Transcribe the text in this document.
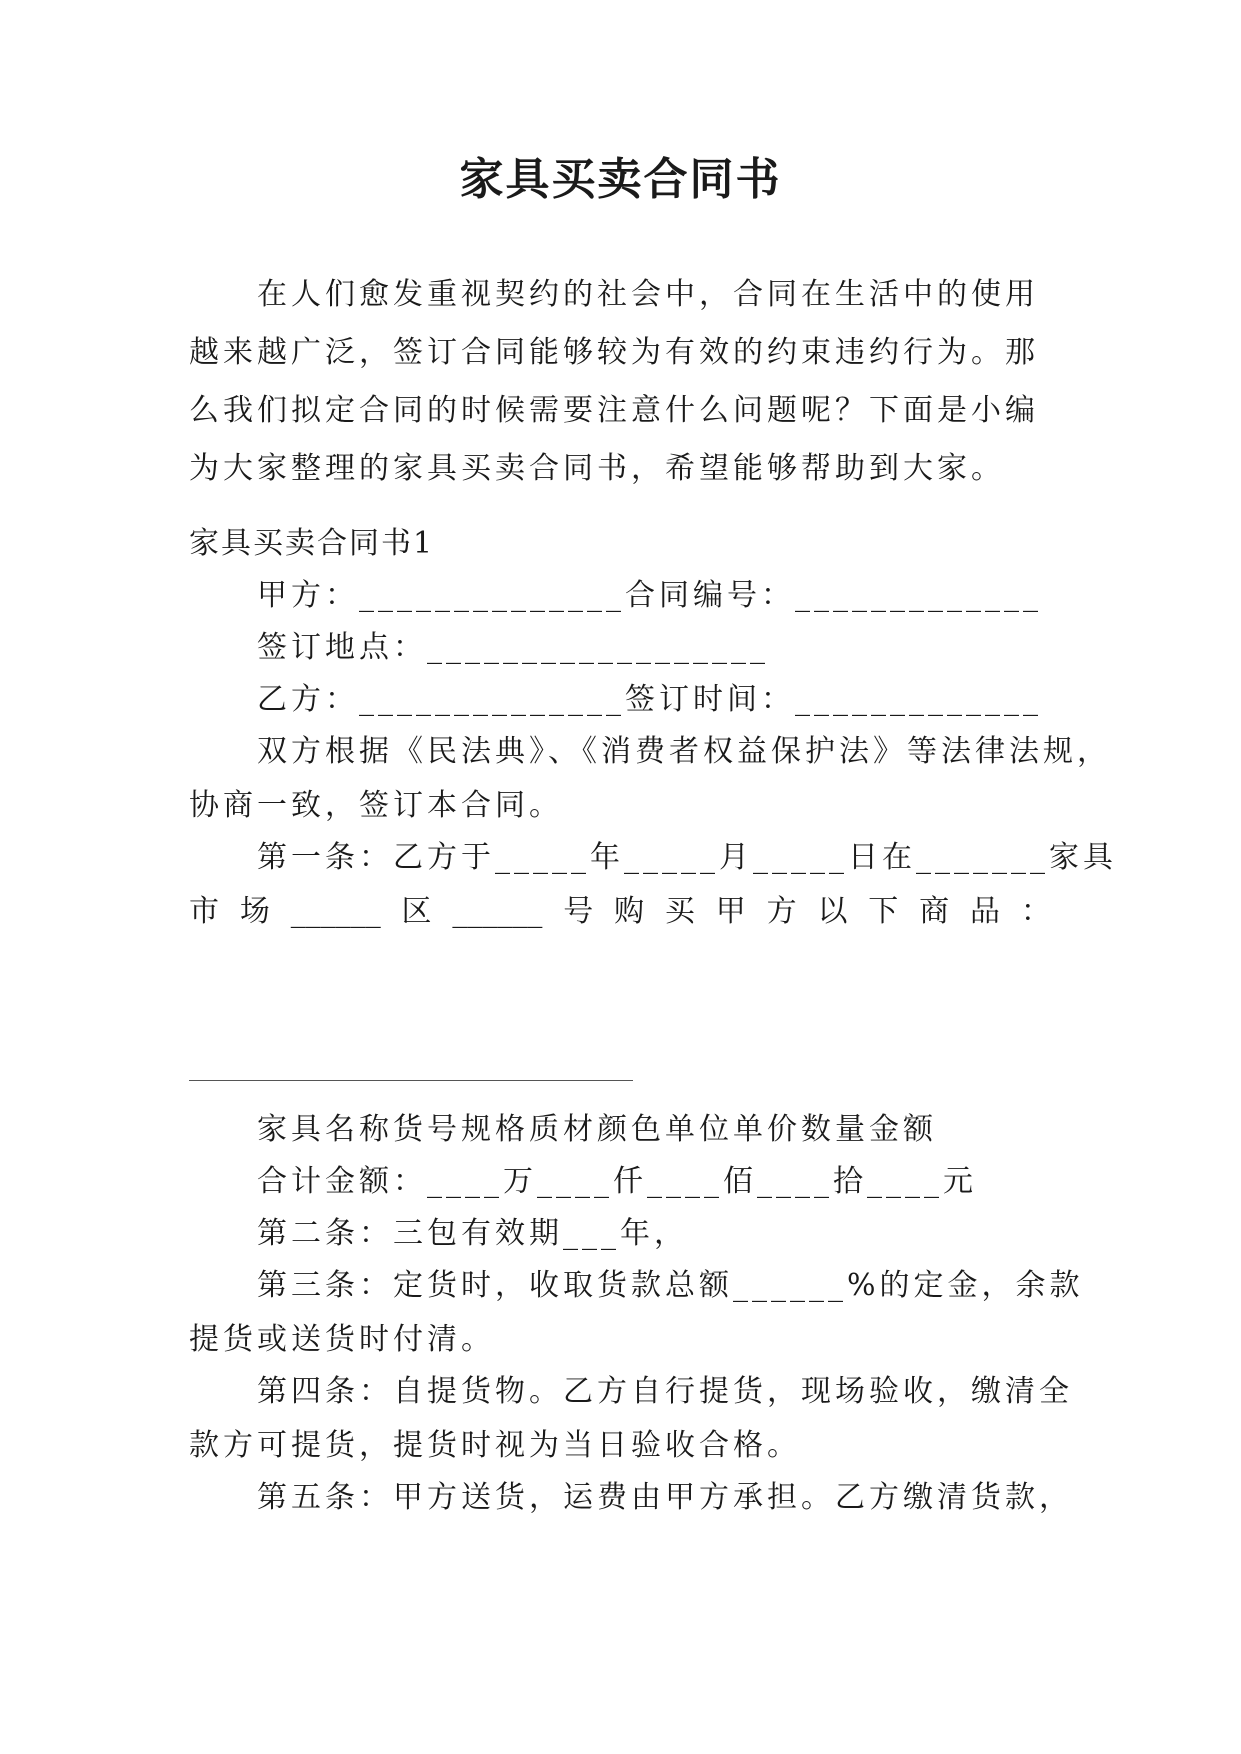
家具买卖合同书

在人们愈发重视契约的社会中，合同在生活中的使用越来越广泛，签订合同能够较为有效的约束违约行为。那么我们拟定合同的时候需要注意什么问题呢？下面是小编为大家整理的家具买卖合同书，希望能够帮助到大家。

家具买卖合同书1
甲方：______________合同编号：_____________
签订地点：__________________
乙方：______________签订时间：_____________
双方根据《民法典》、《消费者权益保护法》等法律法规，
协商一致，签订本合同。
第一条：乙方于_____年_____月_____日在_______家具
市 场 ______ 区 ______ 号 购 买 甲 方 以 下 商 品 ：
家具名称货号规格质材颜色单位单价数量金额
合计金额：____万____仟____佰____拾____元
第二条：三包有效期___年，
第三条：定货时，收取货款总额______%的定金，余款
提货或送货时付清。
第四条：自提货物。乙方自行提货，现场验收，缴清全
款方可提货，提货时视为当日验收合格。
第五条：甲方送货，运费由甲方承担。乙方缴清货款，
